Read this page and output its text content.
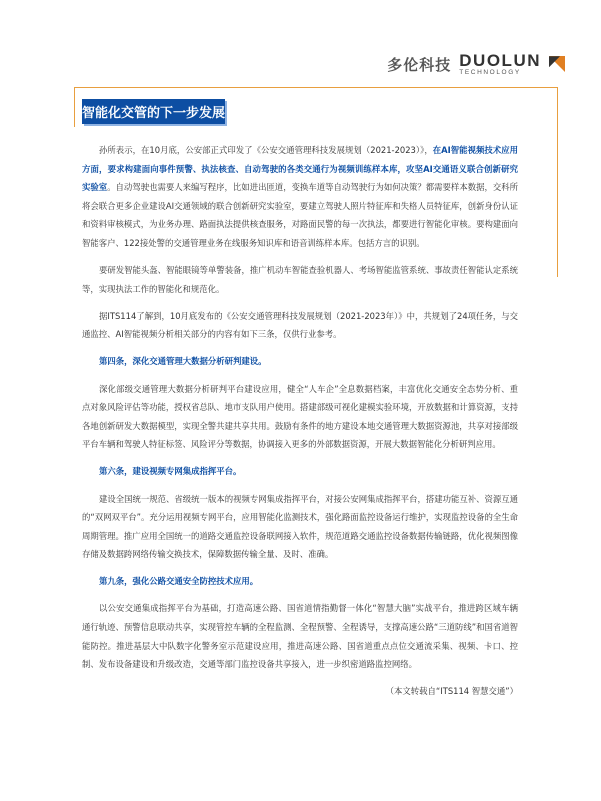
多伦科技 DUOLUN
TECHNOLOGY
智能化交管的下一步发展

孙所表示，在10月底，公安部正式印发了《公安交通管理科技发展规划（2021-2023）》，在AI智能视频技术应用方面，要求构建面向事件预警、执法核查、自动驾驶的各类交通行为视频训练样本库，攻坚AI交通语义联合创新研究实验室。自动驾驶也需要人来编写程序，比如进出匝道，变换车道等自动驾驶行为如何决策？都需要样本数据，交科所将会联合更多企业建设AI交通领域的联合创新研究实验室，要建立驾驶人照片特征库和失格人员特征库，创新身份认证和资料审核模式，为业务办理、路面执法提供核查服务，对路面民警的每一次执法，都要进行智能化审核。要构建面向智能客户、122接处警的交通管理业务在线服务知识库和语音训练样本库。包括方言的识别。

要研发智能头盔、智能眼镜等单警装备，推广机动车智能查验机器人、考场智能监管系统、事故责任智能认定系统等，实现执法工作的智能化和规范化。

据ITS114了解到，10月底发布的《公安交通管理科技发展规划（2021-2023年）》中，共规划了24项任务，与交通监控、AI智能视频分析相关部分的内容有如下三条，仅供行业参考。

第四条，深化交通管理大数据分析研判建设。

深化部级交通管理大数据分析研判平台建设应用，健全“人车企”全息数据档案，丰富优化交通安全态势分析、重点对象风险评估等功能，授权省总队、地市支队用户使用。搭建部级可视化建模实验环境，开放数据和计算资源，支持各地创新研发大数据模型，实现全警共建共享共用。鼓励有条件的地方建设本地交通管理大数据资源池，共享对接部级平台车辆和驾驶人特征标签、风险评分等数据，协调接入更多的外部数据资源，开展大数据智能化分析研判应用。

第六条，建设视频专网集成指挥平台。

建设全国统一规范、省级统一版本的视频专网集成指挥平台，对接公安网集成指挥平台，搭建功能互补、资源互通的“双网双平台”。充分运用视频专网平台，应用智能化监测技术，强化路面监控设备运行维护，实现监控设备的全生命周期管理。推广应用全国统一的道路交通监控设备联网接入软件，规范道路交通监控设备数据传输链路，优化视频图像存储及数据跨网络传输交换技术，保障数据传输全量、及时、准确。

第九条，强化公路交通安全防控技术应用。

以公安交通集成指挥平台为基础，打造高速公路、国省道情指勤督一体化“智慧大脑”实战平台，推进跨区域车辆通行轨迹、预警信息联动共享，实现管控车辆的全程监测、全程预警、全程诱导，支撑高速公路“三道防线”和国省道智能防控。推进基层大中队数字化警务室示范建设应用，推进高速公路、国省道重点点位交通流采集、视频、卡口、控制、发布设备建设和升级改造，交通等部门监控设备共享接入，进一步织密道路监控网络。

（本文转载自“ITS114 智慧交通”）
